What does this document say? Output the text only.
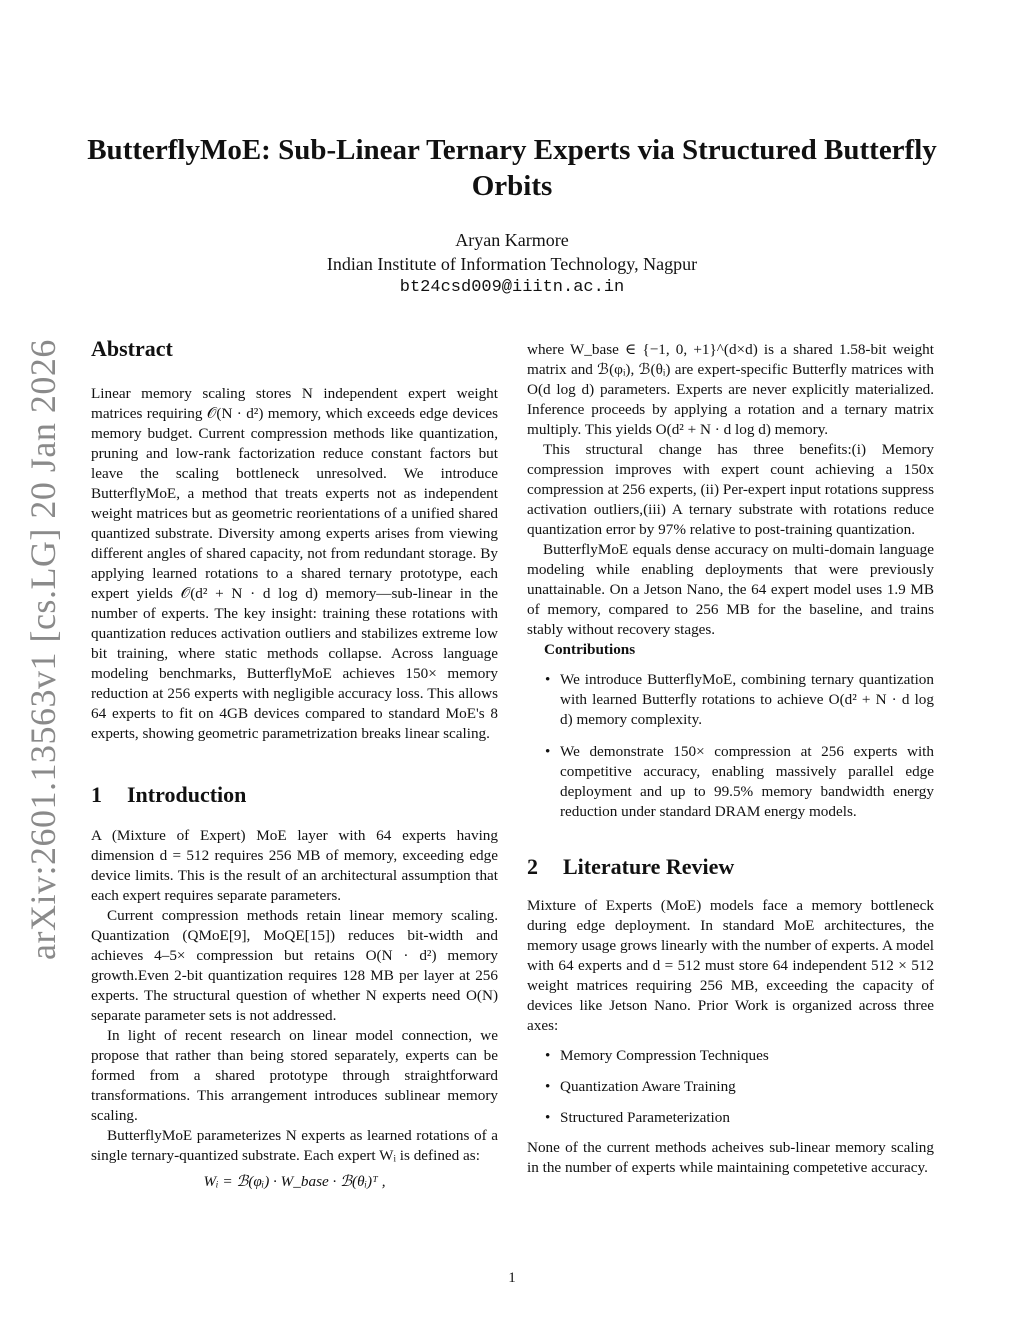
arXiv:2601.13563v1 [cs.LG] 20 Jan 2026
ButterflyMoE: Sub-Linear Ternary Experts via Structured Butterfly Orbits
Aryan Karmore
Indian Institute of Information Technology, Nagpur
bt24csd009@iiitn.ac.in
Abstract

Linear memory scaling stores N independent expert weight matrices requiring 𝒪(N · d²) memory, which exceeds edge devices memory budget. Current compression methods like quantization, pruning and low-rank factorization reduce constant factors but leave the scaling bottleneck unresolved. We introduce ButterflyMoE, a method that treats experts not as independent weight matrices but as geometric reorientations of a unified shared quantized substrate. Diversity among experts arises from viewing different angles of shared capacity, not from redundant storage. By applying learned rotations to a shared ternary prototype, each expert yields 𝒪(d² + N · d log d) memory—sub-linear in the number of experts. The key insight: training these rotations with quantization reduces activation outliers and stabilizes extreme low bit training, where static methods collapse. Across language modeling benchmarks, ButterflyMoE achieves 150× memory reduction at 256 experts with negligible accuracy loss. This allows 64 experts to fit on 4GB devices compared to standard MoE's 8 experts, showing geometric parametrization breaks linear scaling.

1 Introduction

A (Mixture of Expert) MoE layer with 64 experts having dimension d = 512 requires 256 MB of memory, exceeding edge device limits. This is the result of an architectural assumption that each expert requires separate parameters.

Current compression methods retain linear memory scaling. Quantization (QMoE[9], MoQE[15]) reduces bit-width and achieves 4–5× compression but retains O(N · d²) memory growth.Even 2-bit quantization requires 128 MB per layer at 256 experts. The structural question of whether N experts need O(N) separate parameter sets is not addressed.

In light of recent research on linear model connection, we propose that rather than being stored separately, experts can be formed from a shared prototype through straightforward transformations. This arrangement introduces sublinear memory scaling.

ButterflyMoE parameterizes N experts as learned rotations of a single ternary-quantized substrate. Each expert Wᵢ is defined as:

Wᵢ = ℬ(φᵢ) · W_base · ℬ(θᵢ)ᵀ ,

where W_base ∈ {−1, 0, +1}^(d×d) is a shared 1.58-bit weight matrix and ℬ(φᵢ), ℬ(θᵢ) are expert-specific Butterfly matrices with O(d log d) parameters. Experts are never explicitly materialized. Inference proceeds by applying a rotation and a ternary matrix multiply. This yields O(d² + N · d log d) memory.

This structural change has three benefits:(i) Memory compression improves with expert count achieving a 150x compression at 256 experts, (ii) Per-expert input rotations suppress activation outliers,(iii) A ternary substrate with rotations reduce quantization error by 97% relative to post-training quantization.

ButterflyMoE equals dense accuracy on multi-domain language modeling while enabling deployments that were previously unattainable. On a Jetson Nano, the 64 expert model uses 1.9 MB of memory, compared to 256 MB for the baseline, and trains stably without recovery stages.

Contributions

• We introduce ButterflyMoE, combining ternary quantization with learned Butterfly rotations to achieve O(d² + N · d log d) memory complexity.
• We demonstrate 150× compression at 256 experts with competitive accuracy, enabling massively parallel edge deployment and up to 99.5% memory bandwidth energy reduction under standard DRAM energy models.
2 Literature Review

Mixture of Experts (MoE) models face a memory bottleneck during edge deployment. In standard MoE architectures, the memory usage grows linearly with the number of experts. A model with 64 experts and d = 512 must store 64 independent 512 × 512 weight matrices requiring 256 MB, exceeding the capacity of devices like Jetson Nano. Prior Work is organized across three axes:

• Memory Compression Techniques
• Quantization Aware Training
• Structured Parameterization

None of the current methods acheives sub-linear memory scaling in the number of experts while maintaining competetive accuracy.

1
